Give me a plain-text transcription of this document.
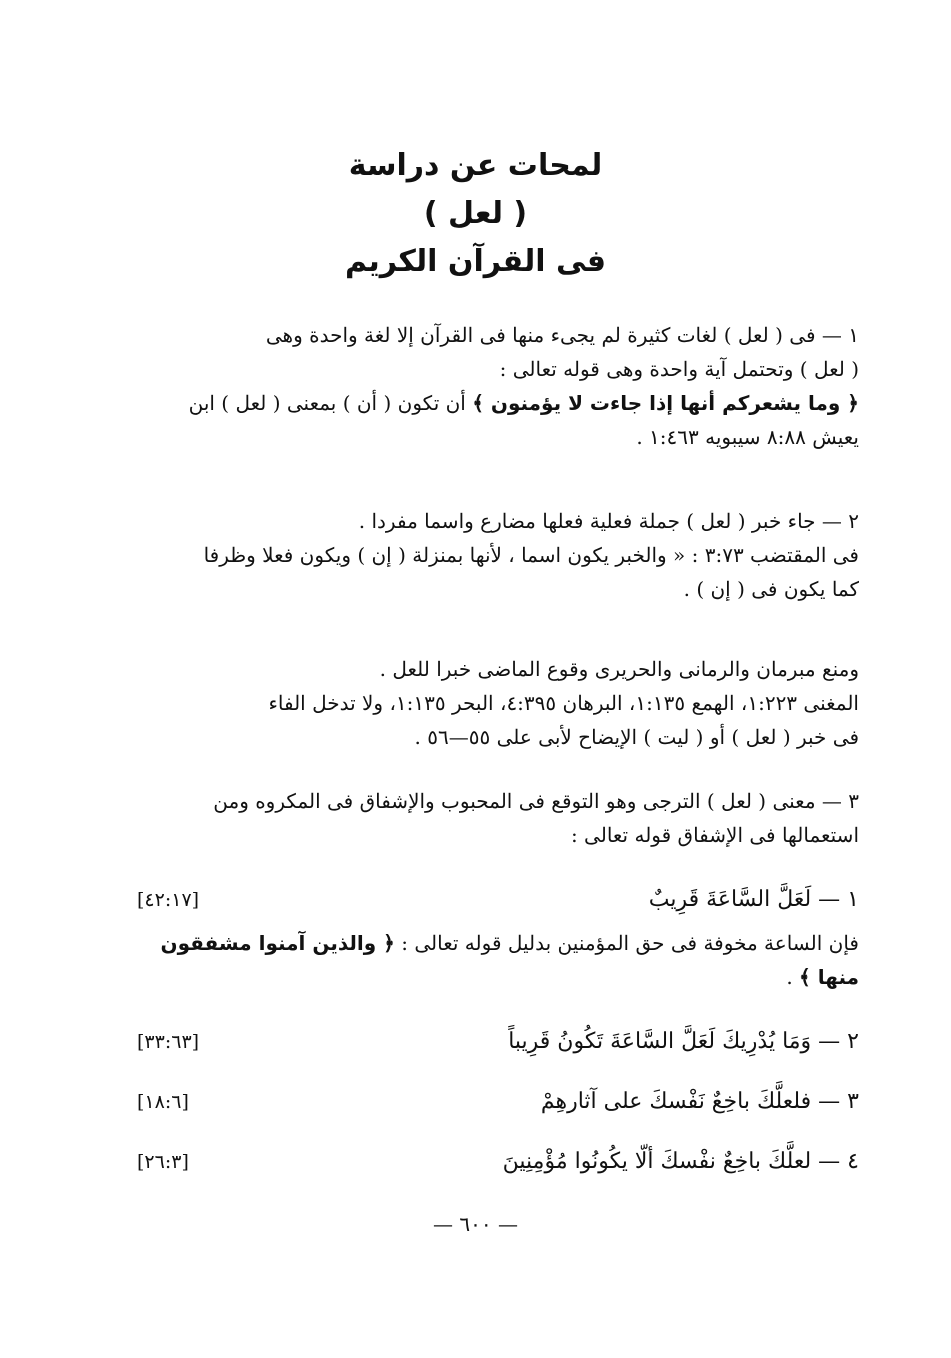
لمحات عن دراسة
( لعل )
فى القرآن الكريم
١ — فى ( لعل ) لغات كثيرة لم يجىء منها فى القرآن إلا لغة واحدة وهى
( لعل ) وتحتمل آية واحدة وهى قوله تعالى :
﴿ وما يشعركم أنها إذا جاءت لا يؤمنون ﴾ أن تكون ( أن ) بمعنى ( لعل ) ابن
يعيش ٨:٨٨ سيبويه ١:٤٦٣ .
٢ — جاء خبر ( لعل ) جملة فعلية فعلها مضارع واسما مفردا .
فى المقتضب ٣:٧٣ : « والخبر يكون اسما ، لأنها بمنزلة ( إن ) ويكون فعلا وظرفا
كما يكون فى ( إن ) .
ومنع مبرمان والرمانى والحريرى وقوع الماضى خبرا للعل .
المغنى ١:٢٢٣، الهمع ١:١٣٥، البرهان ٤:٣٩٥، البحر ١:١٣٥، ولا تدخل الفاء
فى خبر ( لعل ) أو ( ليت ) الإيضاح لأبى على ٥٥—٥٦ .
٣ — معنى ( لعل ) الترجى وهو التوقع فى المحبوب والإشفاق فى المكروه ومن
استعمالها فى الإشفاق قوله تعالى :
١ — لَعَلَّ السَّاعَةَ قَرِيبٌ
[٤٢:١٧]
فإن الساعة مخوفة فى حق المؤمنين بدليل قوله تعالى : ﴿ والذين آمنوا مشفقون
منها ﴾ .
٢ — وَمَا يُدْرِيكَ لَعَلَّ السَّاعَةَ تَكُونُ قَرِيباً
[٣٣:٦٣]
٣ — فلعلَّكَ باخِعٌ نَفْسكَ على آثارهِمْ
[١٨:٦]
٤ — لعلَّكَ باخِعٌ نفْسكَ ألّا يكُونُوا مُؤْمِنِينَ
[٢٦:٣]
— ٦٠٠ —
